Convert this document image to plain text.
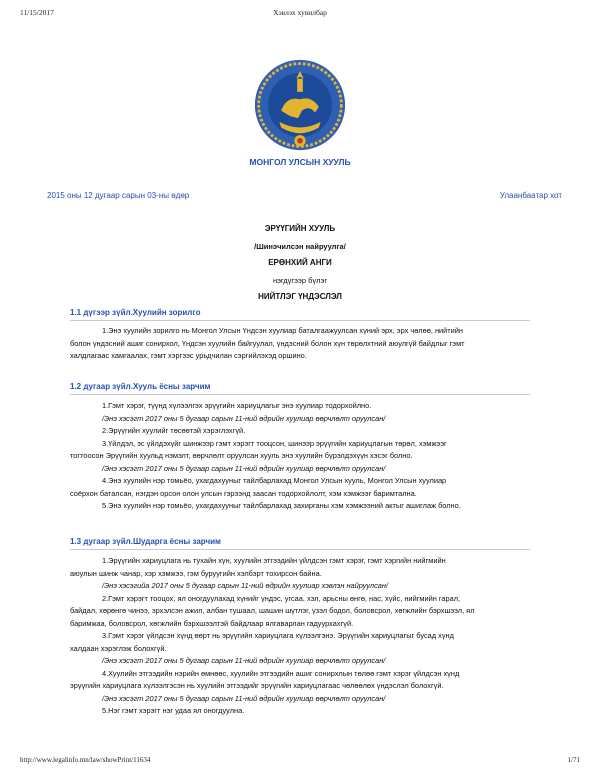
11/15/2017	Хэвлэх хувилбар
МОНГОЛ УЛСЫН ХУУЛЬ
2015 оны 12 дугаар сарын 03-ны өдөр	Улаанбаатар хот
ЭРҮҮГИЙН ХУУЛЬ
/Шинэчилсэн найруулга/
ЕРӨНХИЙ АНГИ
нэгдүгээр бүлэг
НИЙТЛЭГ ҮНДЭСЛЭЛ
1.1 дүгээр зүйл.Хуулийн зорилго
1.Энэ хуулийн зорилго нь Монгол Улсын Үндсэн хуулиар баталгаажуулсан хүний эрх, эрх чөлөө, нийтийн
болон үндэсний ашиг сонирхол, Үндсэн хуулийн байгуулал, үндэсний болон хүн төрөлхтний аюулгүй байдлыг гэмт
халдлагаас хамгаалах, гэмт хэргээс урьдчилан сэргийлэхэд оршино.
1.2 дугаар зүйл.Хууль ёсны зарчим
1.Гэмт хэрэг, түүнд хүлээлгэх эрүүгийн хариуцлагыг энэ хуулиар тодорхойлно.
/Энэ хэсэгт 2017 оны 5 дугаар сарын 11-ний өдрийн хуулиар өөрчлөлт оруулсан/
2.Эрүүгийн хуулийг төсөөтэй хэрэглэхгүй.
3.Үйлдэл, эс үйлдэхүйг шинжээр гэмт хэрэгт тооцсон, шинээр эрүүгийн хариуцлагын төрөл, хэмжээг
тогтоосон Эрүүгийн хуульд нэмэлт, өөрчлөлт оруулсан хууль энэ хуулийн бүрэлдэхүүн хэсэг болно.
/Энэ хэсэгт 2017 оны 5 дугаар сарын 11-ний өдрийн хуулиар өөрчлөлт оруулсан/
4.Энэ хуулийн нэр томьёо, ухагдахууныг тайлбарлахад Монгол Улсын хууль, Монгол Улсын хуулиар
соёрхон баталсан, нэгдэн орсон олон улсын гэрээнд заасан тодорхойлолт, хэм хэмжээг баримтална.
5.Энэ хуулийн нэр томьёо, ухагдахууныг тайлбарлахад захирганы хэм хэмжээний актыг ашиглаж болно.
1.3 дугаар зүйл.Шударга ёсны зарчим
1.Эрүүгийн хариуцлага нь тухайн хүн, хуулийн этгээдийн үйлдсэн гэмт хэрэг, гэмт хэргийн нийгмийн
аюулын шинж чанар, хэр хэмжээ, гэм буруугийн хэлбэрт тохирсон байна.
/Энэ хэсэгийа 2017 оны 5 дугаар сарын 11-ний өдрийн хуулиар хэвлэн найруулсан/
2.Гэмт хэрэгт тооцох, ял оногдуулахад хүнийг үндэс, угсаа, хэл, арьсны өнгө, нас, хүйс, нийгмийн гарал,
байдал, хөрөнгө чинээ, эрхэлсэн ажил, албан тушаал, шашин шүтлэг, үзэл бодол, боловсрол, хөгжлийн бэрхшээл, ял
баримжаа, боловсрол, хөгжлийн бэрхшээлтэй байдлаар ялгаварлан гадуурхахгүй.
3.Гэмт хэрэг үйлдсэн хүнд өөрт нь эрүүгийн хариуцлага хүлээлгэнэ. Эрүүгийн хариуцлагыг бусад хүнд
халдаан хэрэглэж болохгүй.
/Энэ хэсэгт 2017 оны 5 дугаар сарын 11-ний өдрийн хуулиар өөрчлөлт оруулсан/
4.Хуулийн этгээдийн нэрийн өмнөөс, хуулийн этгээдийн ашиг сонирхлын төлөө гэмт хэрэг үйлдсэн хүнд
эрүүгийн хариуцлага хүлээлгэсэн нь хуулийн этгээдийг эрүүгийн хариуцлагаас чөлөөлөх үндэслэл болохгүй.
/Энэ хэсэгт 2017 оны 5 дугаар сарын 11-ний өдрийн хуулиар өөрчлөлт оруулсан/
5.Нэг гэмт хэрэгт нэг удаа ял оногдуулна.
http://www.legalinfo.mn/law/showPrint/11634	1/71
